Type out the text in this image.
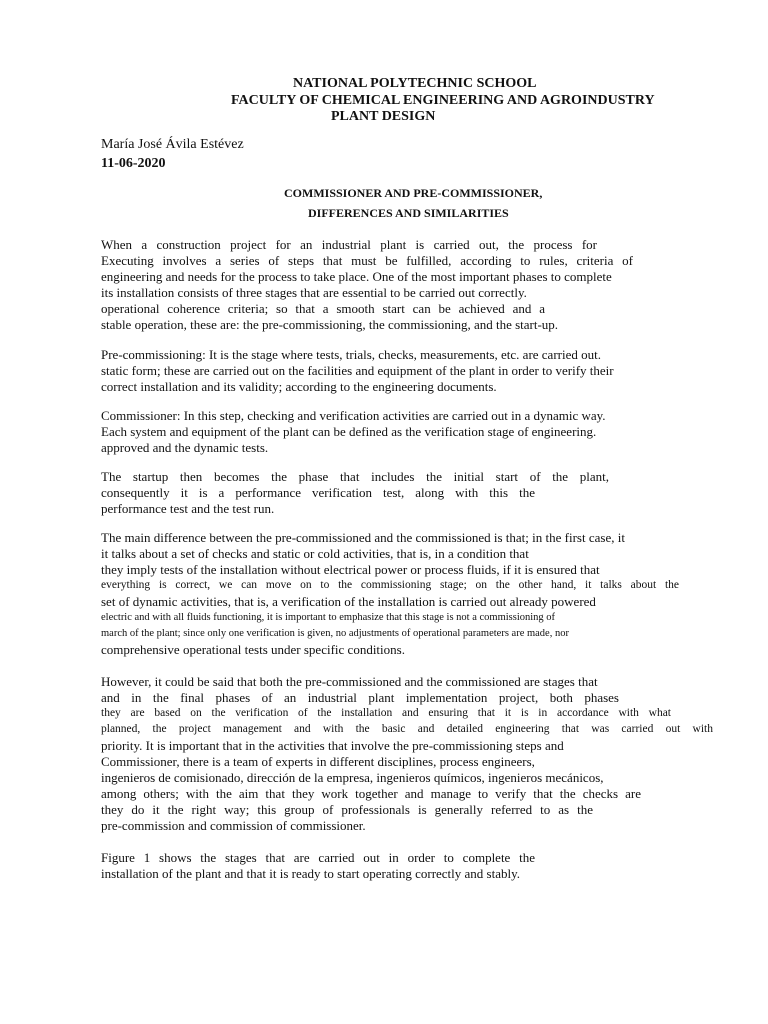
NATIONAL POLYTECHNIC SCHOOL
FACULTY OF CHEMICAL ENGINEERING AND AGROINDUSTRY
PLANT DESIGN
María José Ávila Estévez
11-06-2020
COMMISSIONER AND PRE-COMMISSIONER,
DIFFERENCES AND SIMILARITIES
When a construction project for an industrial plant is carried out, the process for
Executing involves a series of steps that must be fulfilled, according to rules, criteria of
engineering and needs for the process to take place. One of the most important phases to complete
its installation consists of three stages that are essential to be carried out correctly.
operational coherence criteria; so that a smooth start can be achieved and a
stable operation, these are: the pre-commissioning, the commissioning, and the start-up.
Pre-commissioning: It is the stage where tests, trials, checks, measurements, etc. are carried out.
static form; these are carried out on the facilities and equipment of the plant in order to verify their
correct installation and its validity; according to the engineering documents.
Commissioner: In this step, checking and verification activities are carried out in a dynamic way.
Each system and equipment of the plant can be defined as the verification stage of engineering.
approved and the dynamic tests.
The startup then becomes the phase that includes the initial start of the plant,
consequently it is a performance verification test, along with this the
performance test and the test run.
The main difference between the pre-commissioned and the commissioned is that; in the first case, it
it talks about a set of checks and static or cold activities, that is, in a condition that
they imply tests of the installation without electrical power or process fluids, if it is ensured that
everything is correct, we can move on to the commissioning stage; on the other hand, it talks about the
set of dynamic activities, that is, a verification of the installation is carried out already powered
electric and with all fluids functioning, it is important to emphasize that this stage is not a commissioning of
march of the plant; since only one verification is given, no adjustments of operational parameters are made, nor
comprehensive operational tests under specific conditions.
However, it could be said that both the pre-commissioned and the commissioned are stages that
and in the final phases of an industrial plant implementation project, both phases
they are based on the verification of the installation and ensuring that it is in accordance with what
planned, the project management and with the basic and detailed engineering that was carried out with
priority. It is important that in the activities that involve the pre-commissioning steps and
Commissioner, there is a team of experts in different disciplines, process engineers,
ingenieros de comisionado, dirección de la empresa, ingenieros químicos, ingenieros mecánicos,
among others; with the aim that they work together and manage to verify that the checks are
they do it the right way; this group of professionals is generally referred to as the
pre-commission and commission of commissioner.
Figure 1 shows the stages that are carried out in order to complete the
installation of the plant and that it is ready to start operating correctly and stably.
